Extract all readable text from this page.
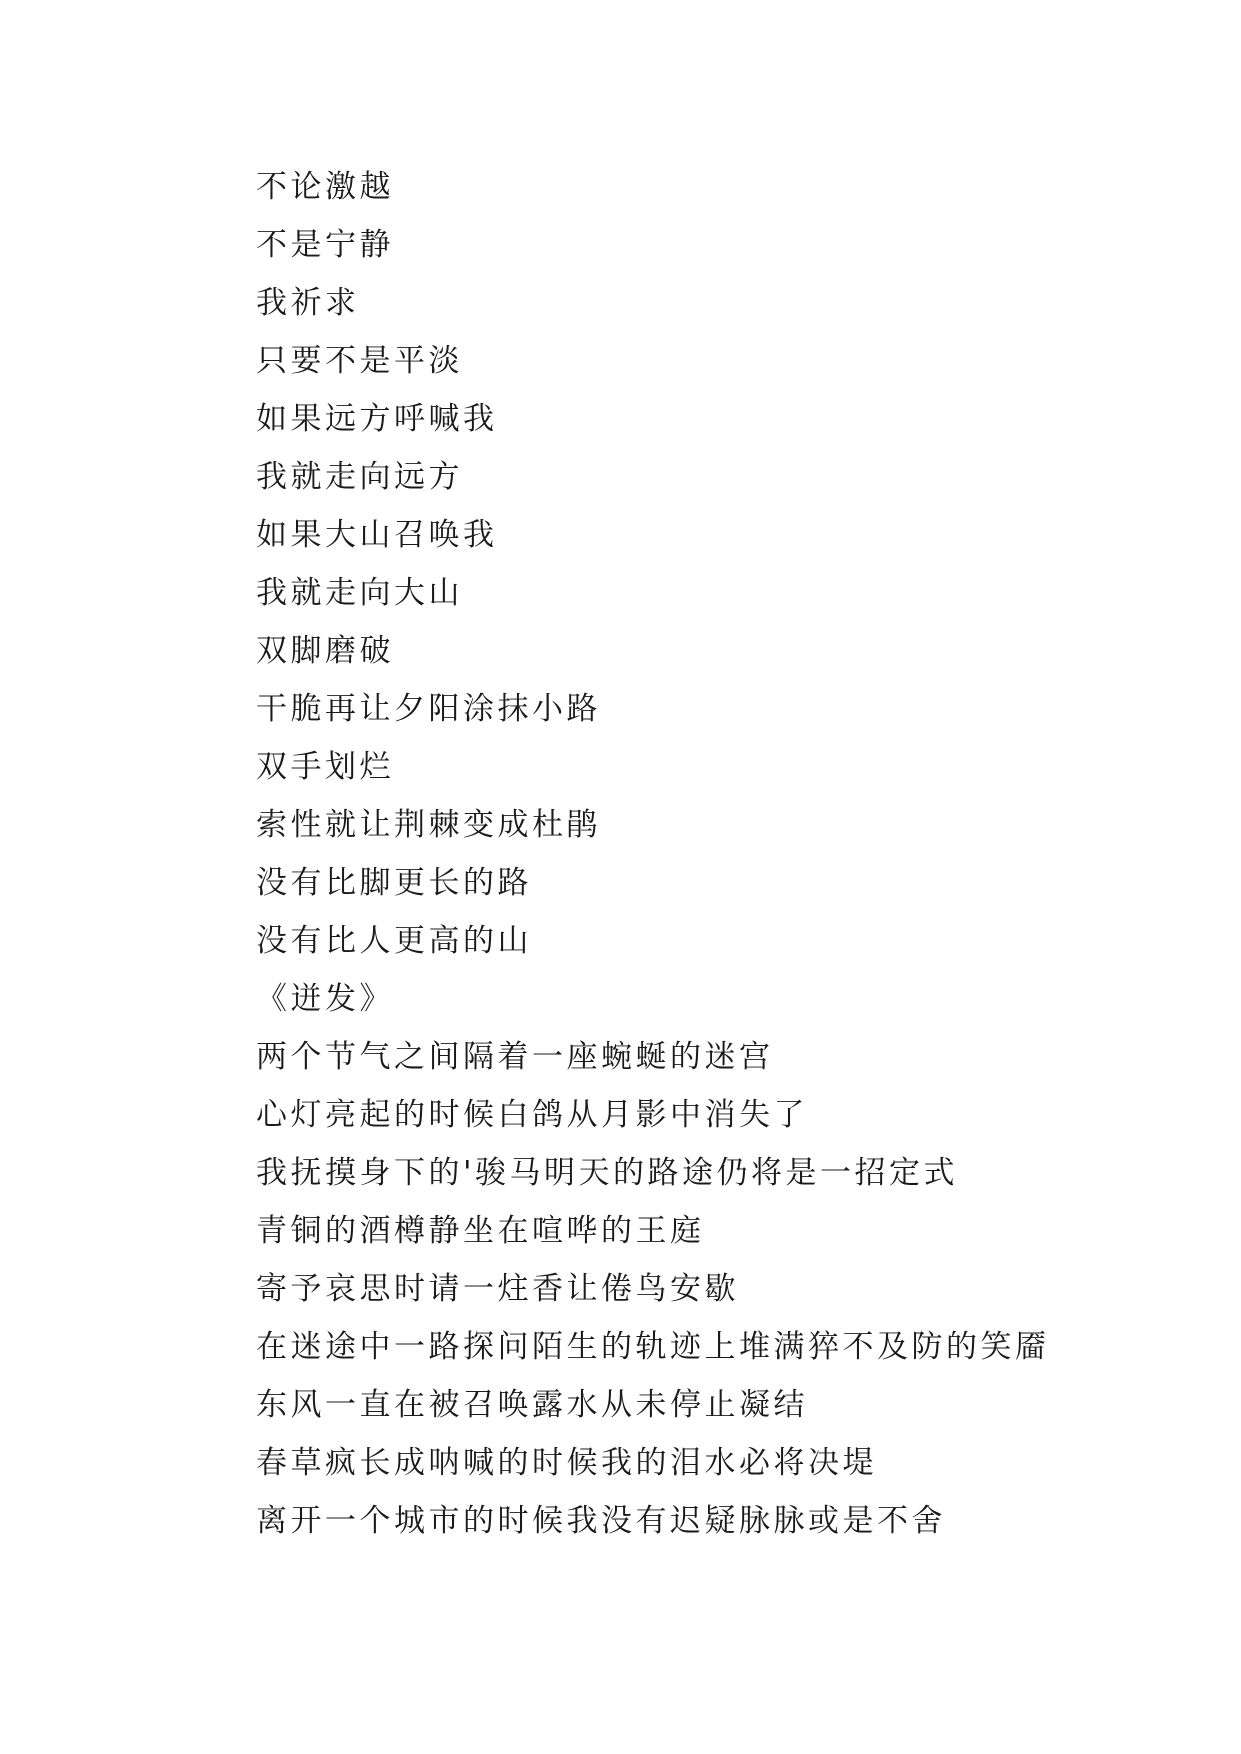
不论激越
不是宁静
我祈求
只要不是平淡
如果远方呼喊我
我就走向远方
如果大山召唤我
我就走向大山
双脚磨破
干脆再让夕阳涂抹小路
双手划烂
索性就让荆棘变成杜鹃
没有比脚更长的路
没有比人更高的山
《迸发》
两个节气之间隔着一座蜿蜒的迷宫
心灯亮起的时候白鸽从月影中消失了
我抚摸身下的'骏马明天的路途仍将是一招定式
青铜的酒樽静坐在喧哗的王庭
寄予哀思时请一炷香让倦鸟安歇
在迷途中一路探问陌生的轨迹上堆满猝不及防的笑靥
东风一直在被召唤露水从未停止凝结
春草疯长成呐喊的时候我的泪水必将决堤
离开一个城市的时候我没有迟疑脉脉或是不舍
